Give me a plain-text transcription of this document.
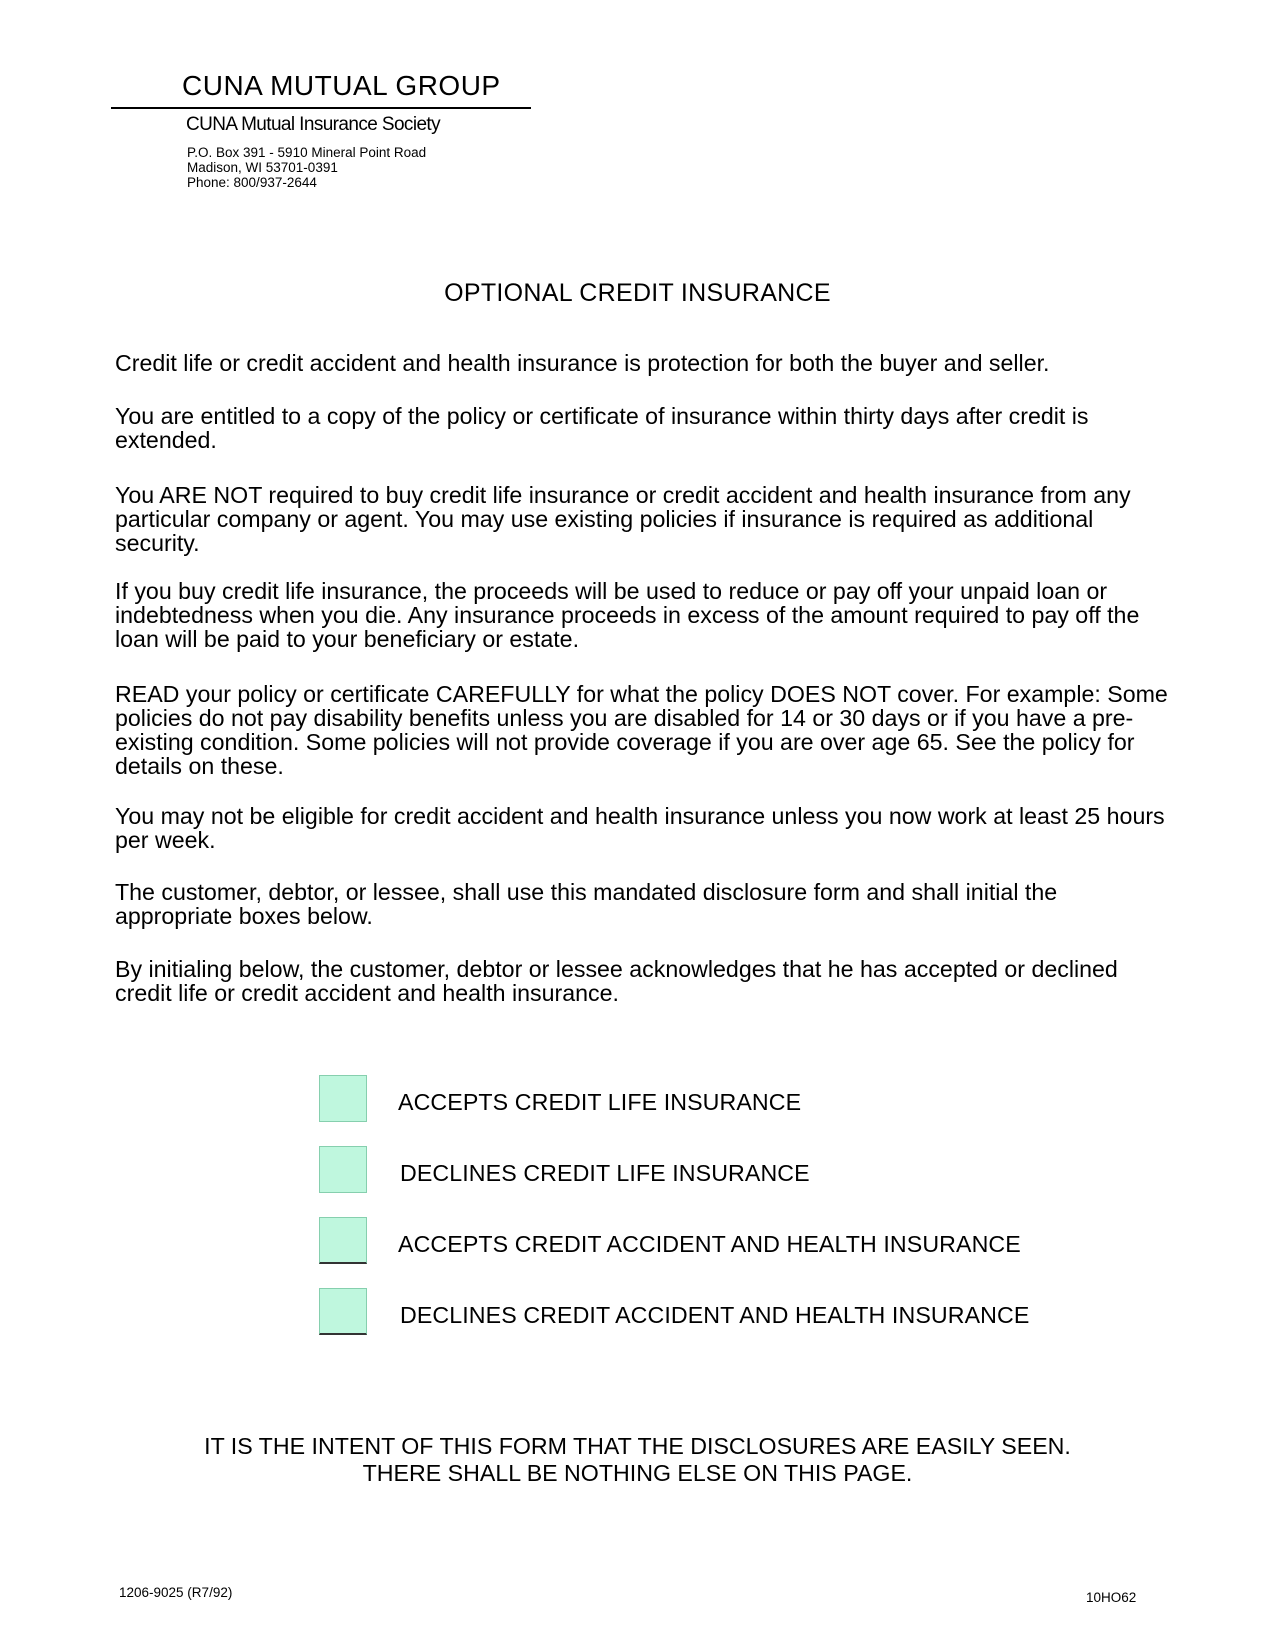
CUNA MUTUAL GROUP
CUNA Mutual Insurance Society
P.O. Box 391 - 5910 Mineral Point Road
Madison, WI 53701-0391
Phone: 800/937-2644
OPTIONAL CREDIT INSURANCE

Credit life or credit accident and health insurance is protection for both the buyer and seller.

You are entitled to a copy of the policy or certificate of insurance within thirty days after credit is extended.

You ARE NOT required to buy credit life insurance or credit accident and health insurance from any particular company or agent. You may use existing policies if insurance is required as additional security.

If you buy credit life insurance, the proceeds will be used to reduce or pay off your unpaid loan or indebtedness when you die. Any insurance proceeds in excess of the amount required to pay off the loan will be paid to your beneficiary or estate.

READ your policy or certificate CAREFULLY for what the policy DOES NOT cover. For example: Some policies do not pay disability benefits unless you are disabled for 14 or 30 days or if you have a pre-existing condition. Some policies will not provide coverage if you are over age 65. See the policy for details on these.

You may not be eligible for credit accident and health insurance unless you now work at least 25 hours per week.

The customer, debtor, or lessee, shall use this mandated disclosure form and shall initial the appropriate boxes below.

By initialing below, the customer, debtor or lessee acknowledges that he has accepted or declined credit life or credit accident and health insurance.

ACCEPTS CREDIT LIFE INSURANCE
DECLINES CREDIT LIFE INSURANCE
ACCEPTS CREDIT ACCIDENT AND HEALTH INSURANCE
DECLINES CREDIT ACCIDENT AND HEALTH INSURANCE
IT IS THE INTENT OF THIS FORM THAT THE DISCLOSURES ARE EASILY SEEN.
THERE SHALL BE NOTHING ELSE ON THIS PAGE.
1206-9025 (R7/92)	10HO62
